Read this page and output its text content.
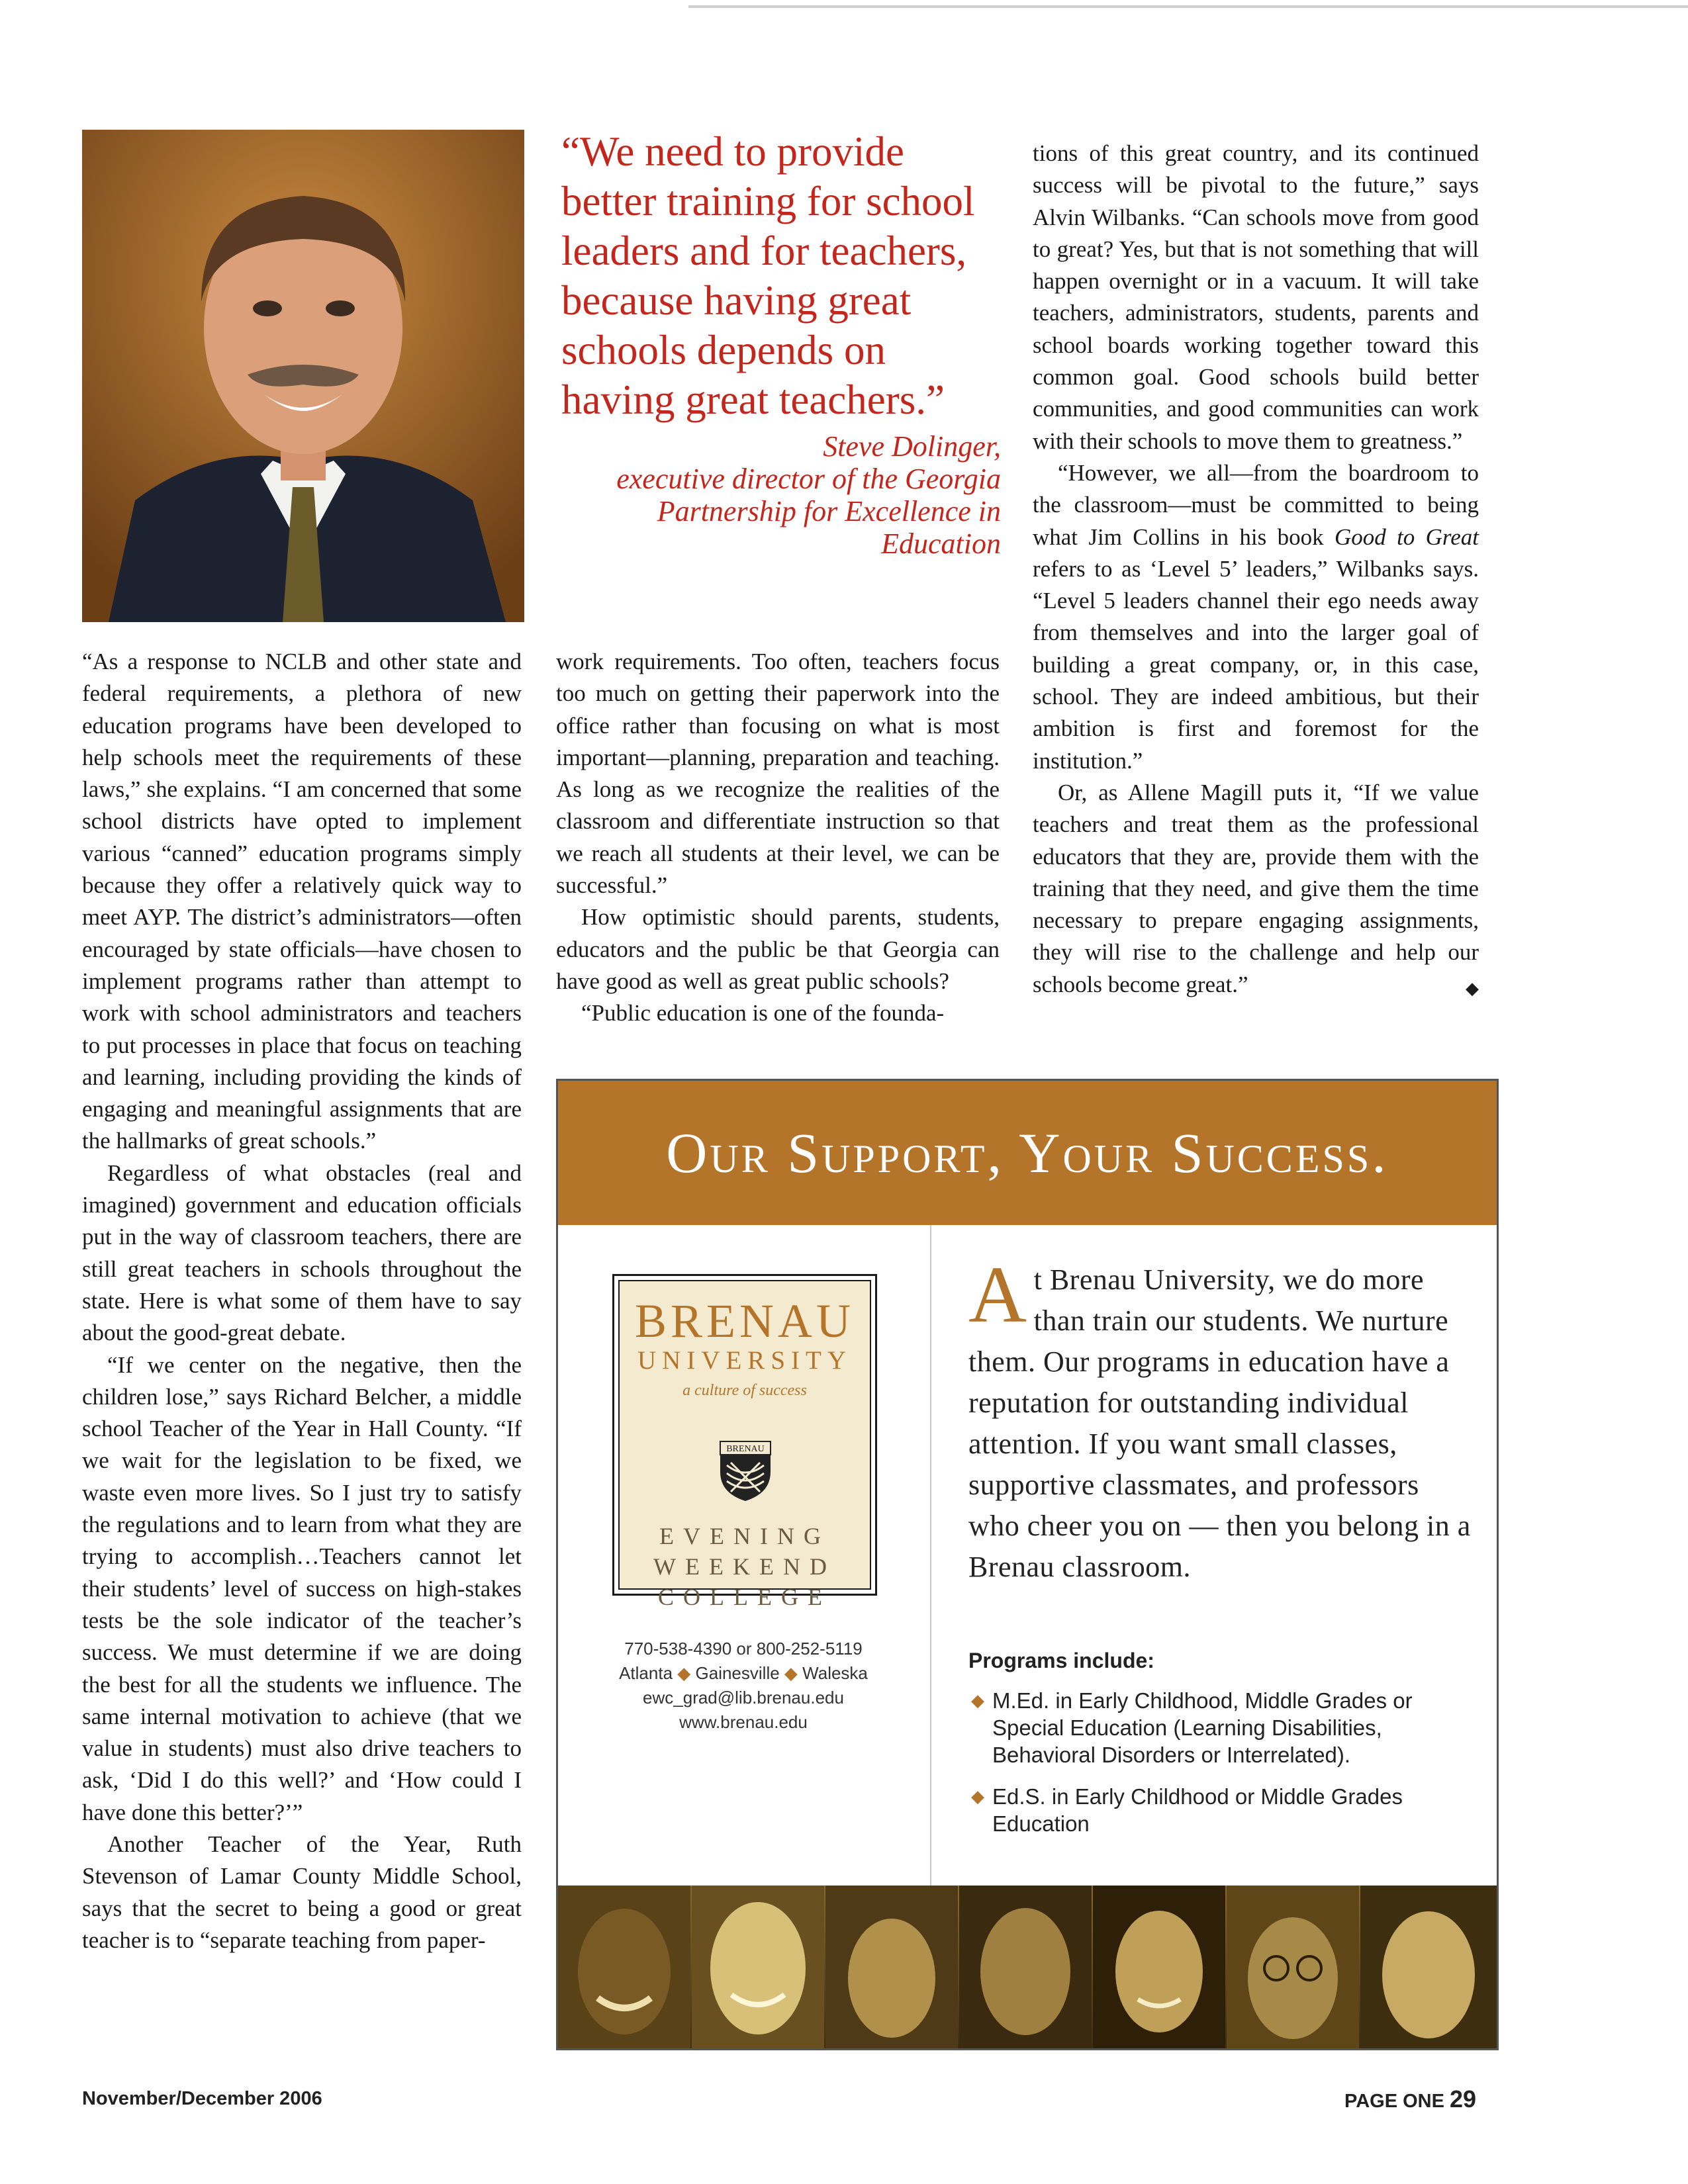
“We need to provide better training for school leaders and for teachers, because having great schools depends on having great teachers.”
Steve Dolinger,
executive director of the Georgia Partnership for Excellence in Education

“As a response to NCLB and other state and federal requirements, a plethora of new education programs have been developed to help schools meet the requirements of these laws,” she explains. “I am concerned that some school districts have opted to implement various “canned” education programs simply because they offer a relatively quick way to meet AYP. The district’s administrators—often encouraged by state officials—have chosen to implement programs rather than attempt to work with school administrators and teachers to put processes in place that focus on teaching and learning, including providing the kinds of engaging and meaningful assignments that are the hallmarks of great schools.”

Regardless of what obstacles (real and imagined) government and education officials put in the way of classroom teachers, there are still great teachers in schools throughout the state. Here is what some of them have to say about the good-great debate.

“If we center on the negative, then the children lose,” says Richard Belcher, a middle school Teacher of the Year in Hall County. “If we wait for the legislation to be fixed, we waste even more lives. So I just try to satisfy the regulations and to learn from what they are trying to accomplish…Teachers cannot let their students’ level of success on high-stakes tests be the sole indicator of the teacher’s success. We must determine if we are doing the best for all the students we influence. The same internal motivation to achieve (that we value in students) must also drive teachers to ask, ‘Did I do this well?’ and ‘How could I have done this better?’”

Another Teacher of the Year, Ruth Stevenson of Lamar County Middle School, says that the secret to being a good or great teacher is to “separate teaching from paper-

work requirements. Too often, teachers focus too much on getting their paperwork into the office rather than focusing on what is most important—planning, preparation and teaching. As long as we recognize the realities of the classroom and differentiate instruction so that we reach all students at their level, we can be successful.”

How optimistic should parents, students, educators and the public be that Georgia can have good as well as great public schools?

“Public education is one of the founda-

tions of this great country, and its continued success will be pivotal to the future,” says Alvin Wilbanks. “Can schools move from good to great? Yes, but that is not something that will happen overnight or in a vacuum. It will take teachers, administrators, students, parents and school boards working together toward this common goal. Good schools build better communities, and good communities can work with their schools to move them to greatness.”

“However, we all—from the boardroom to the classroom—must be committed to being what Jim Collins in his book Good to Great refers to as ‘Level 5’ leaders,” Wilbanks says. “Level 5 leaders channel their ego needs away from themselves and into the larger goal of building a great company, or, in this case, school. They are indeed ambitious, but their ambition is first and foremost for the institution.”

Or, as Allene Magill puts it, “If we value teachers and treat them as the professional educators that they are, provide them with the training that they need, and give them the time necessary to prepare engaging assignments, they will rise to the challenge and help our schools become great.”	◆

Our Support, Your Success.
BRENAU
UNIVERSITY
a culture of success
BRENAU
EVENING
WEEKEND
COLLEGE
770-538-4390 or 800-252-5119
Atlanta ◆ Gainesville ◆ Waleska
ewc_grad@lib.brenau.edu
www.brenau.edu
At Brenau University, we do more than train our students. We nurture them. Our programs in education have a reputation for outstanding individual attention. If you want small classes, supportive classmates, and professors who cheer you on — then you belong in a Brenau classroom.
Programs include:
◆ M.Ed. in Early Childhood, Middle Grades or Special Education (Learning Disabilities, Behavioral Disorders or Interrelated).
◆ Ed.S. in Early Childhood or Middle Grades Education
November/December 2006	PAGE ONE 29
